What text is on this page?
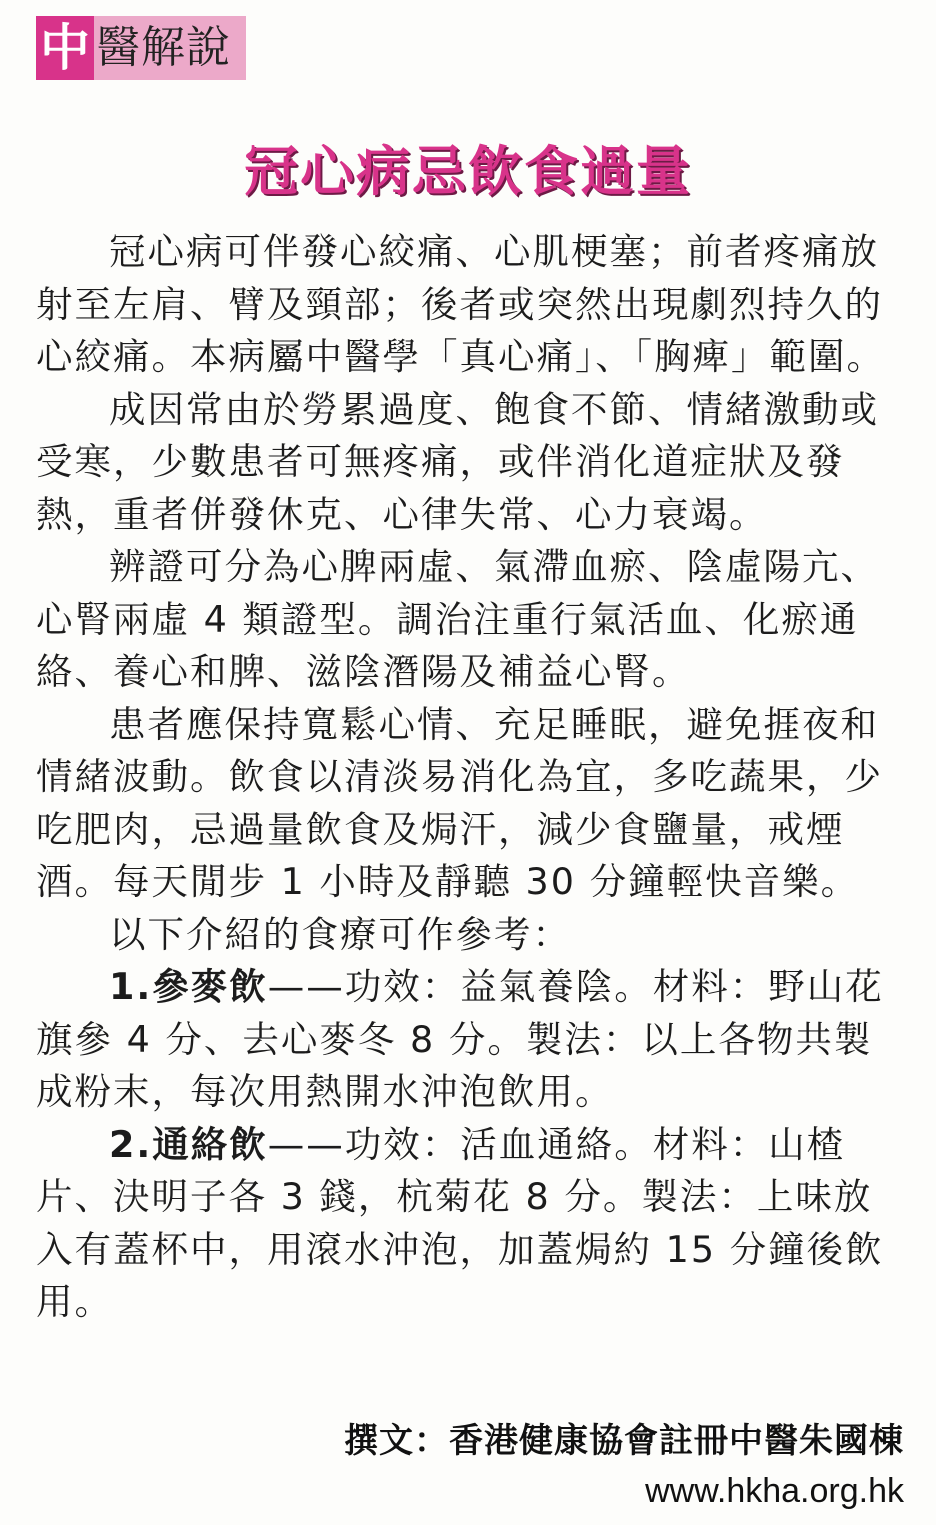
中 醫解說
冠心病忌飲食過量

冠心病可伴發心絞痛、心肌梗塞；前者疼痛放射至左肩、臂及頸部；後者或突然出現劇烈持久的心絞痛。本病屬中醫學「真心痛」、「胸痺」範圍。

成因常由於勞累過度、飽食不節、情緒激動或受寒，少數患者可無疼痛，或伴消化道症狀及發熱，重者併發休克、心律失常、心力衰竭。

辨證可分為心脾兩虛、氣滯血瘀、陰虛陽亢、心腎兩虛 4 類證型。調治注重行氣活血、化瘀通絡、養心和脾、滋陰潛陽及補益心腎。

患者應保持寬鬆心情、充足睡眠，避免捱夜和情緒波動。飲食以清淡易消化為宜，多吃蔬果，少吃肥肉，忌過量飲食及焗汗，減少食鹽量，戒煙酒。每天閒步 1 小時及靜聽 30 分鐘輕快音樂。

以下介紹的食療可作參考：

1.參麥飲——功效：益氣養陰。材料：野山花旗參 4 分、去心麥冬 8 分。製法：以上各物共製成粉末，每次用熱開水沖泡飲用。

2.通絡飲——功效：活血通絡。材料：山楂片、決明子各 3 錢，杭菊花 8 分。製法：上味放入有蓋杯中，用滾水沖泡，加蓋焗約 15 分鐘後飲用。

撰文：香港健康協會註冊中醫朱國棟
www.hkha.org.hk
